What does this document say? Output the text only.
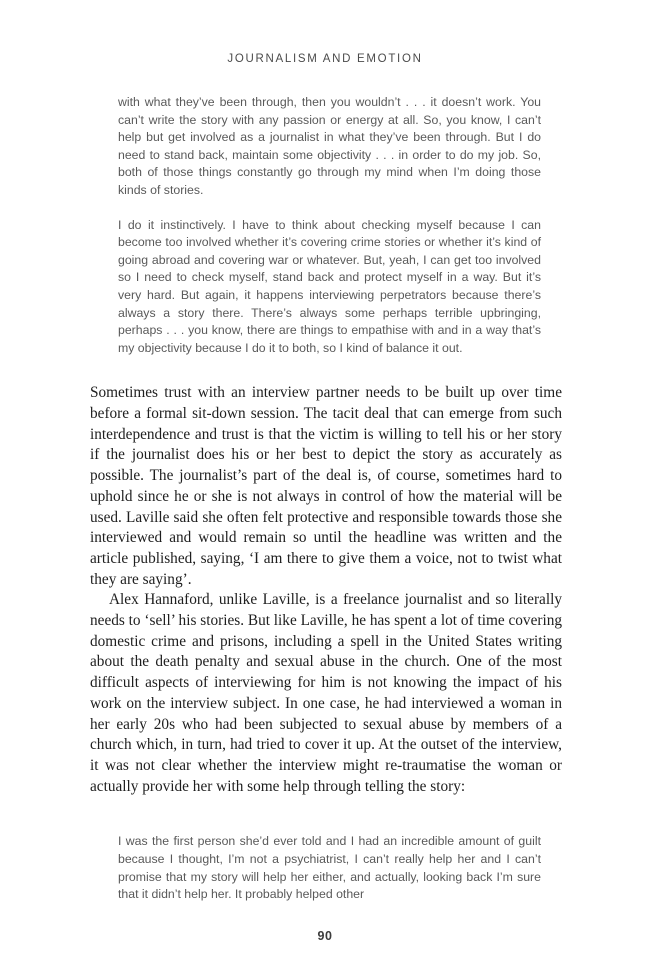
JOURNALISM AND EMOTION
with what they’ve been through, then you wouldn’t . . . it doesn’t work. You can’t write the story with any passion or energy at all. So, you know, I can’t help but get involved as a journalist in what they’ve been through. But I do need to stand back, maintain some objectivity . . . in order to do my job. So, both of those things constantly go through my mind when I’m doing those kinds of stories.
I do it instinctively. I have to think about checking myself because I can become too involved whether it’s covering crime stories or whether it’s kind of going abroad and covering war or whatever. But, yeah, I can get too involved so I need to check myself, stand back and protect myself in a way. But it’s very hard. But again, it happens interviewing perpetrators because there’s always a story there. There’s always some perhaps terrible upbringing, perhaps . . . you know, there are things to empathise with and in a way that’s my objectivity because I do it to both, so I kind of balance it out.
Sometimes trust with an interview partner needs to be built up over time before a formal sit-down session. The tacit deal that can emerge from such interdependence and trust is that the victim is willing to tell his or her story if the journalist does his or her best to depict the story as accurately as possible. The journalist’s part of the deal is, of course, sometimes hard to uphold since he or she is not always in control of how the material will be used. Laville said she often felt protective and responsible towards those she interviewed and would remain so until the headline was written and the article published, saying, ‘I am there to give them a voice, not to twist what they are saying’.
Alex Hannaford, unlike Laville, is a freelance journalist and so literally needs to ‘sell’ his stories. But like Laville, he has spent a lot of time covering domestic crime and prisons, including a spell in the United States writing about the death penalty and sexual abuse in the church. One of the most difficult aspects of interviewing for him is not knowing the impact of his work on the interview subject. In one case, he had interviewed a woman in her early 20s who had been subjected to sexual abuse by members of a church which, in turn, had tried to cover it up. At the outset of the interview, it was not clear whether the interview might re-traumatise the woman or actually provide her with some help through telling the story:
I was the first person she’d ever told and I had an incredible amount of guilt because I thought, I’m not a psychiatrist, I can’t really help her and I can’t promise that my story will help her either, and actually, looking back I’m sure that it didn’t help her. It probably helped other
90
